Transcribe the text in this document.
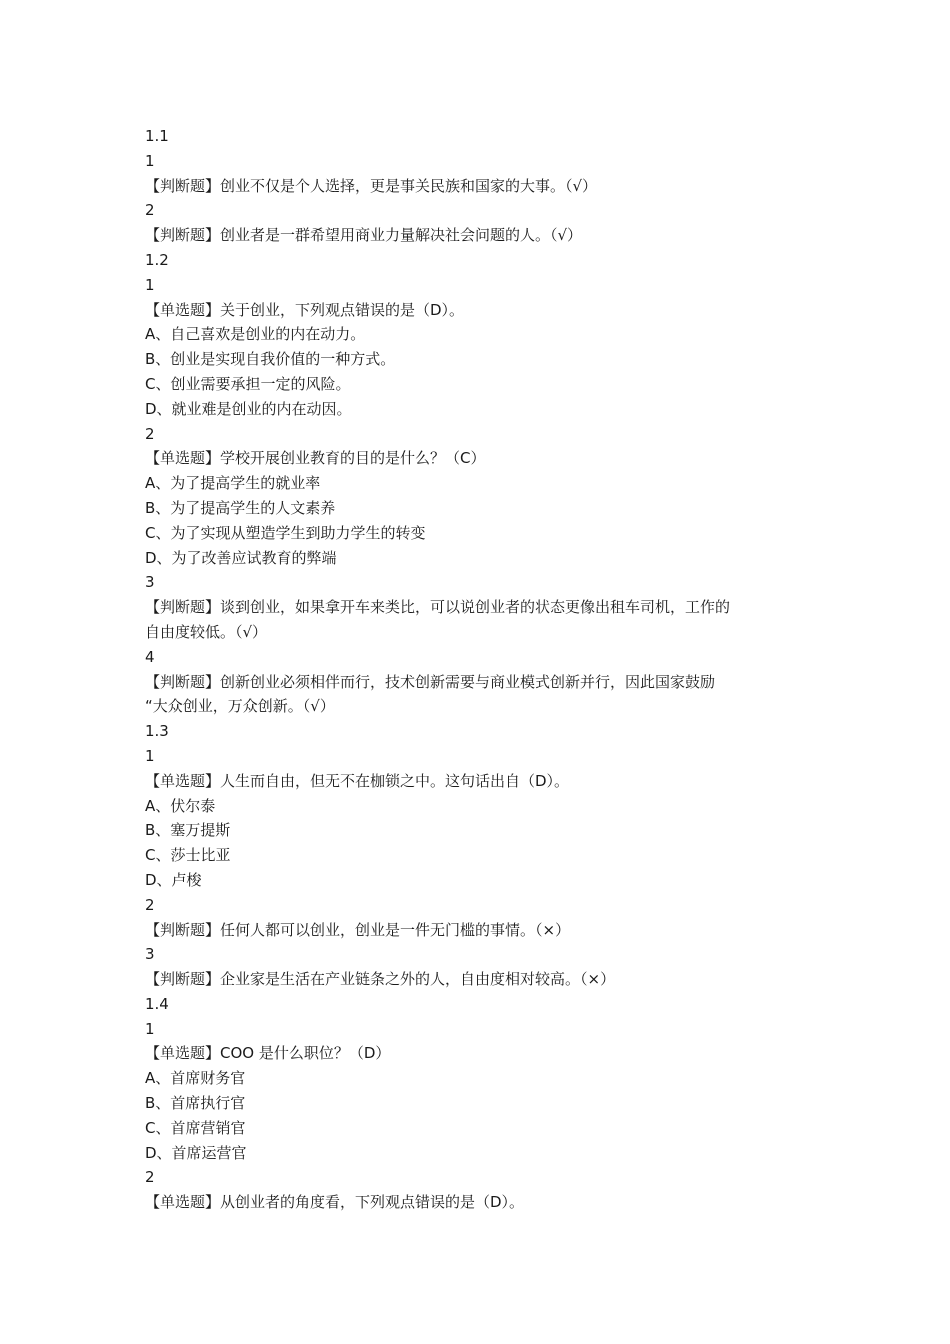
1.1
1
【判断题】创业不仅是个人选择，更是事关民族和国家的大事。（√）
2
【判断题】创业者是一群希望用商业力量解决社会问题的人。（√）
1.2
1
【单选题】关于创业，下列观点错误的是（D）。
A、自己喜欢是创业的内在动力。
B、创业是实现自我价值的一种方式。
C、创业需要承担一定的风险。
D、就业难是创业的内在动因。
2
【单选题】学校开展创业教育的目的是什么？（C）
A、为了提高学生的就业率
B、为了提高学生的人文素养
C、为了实现从塑造学生到助力学生的转变
D、为了改善应试教育的弊端
3
【判断题】谈到创业，如果拿开车来类比，可以说创业者的状态更像出租车司机，工作的
自由度较低。（√）
4
【判断题】创新创业必须相伴而行，技术创新需要与商业模式创新并行，因此国家鼓励
“大众创业，万众创新。（√）
1.3
1
【单选题】人生而自由，但无不在枷锁之中。这句话出自（D）。
A、伏尔泰
B、塞万提斯
C、莎士比亚
D、卢梭
2
【判断题】任何人都可以创业，创业是一件无门槛的事情。（×）
3
【判断题】企业家是生活在产业链条之外的人，自由度相对较高。（×）
1.4
1
【单选题】COO 是什么职位？（D）
A、首席财务官
B、首席执行官
C、首席营销官
D、首席运营官
2
【单选题】从创业者的角度看，下列观点错误的是（D）。
